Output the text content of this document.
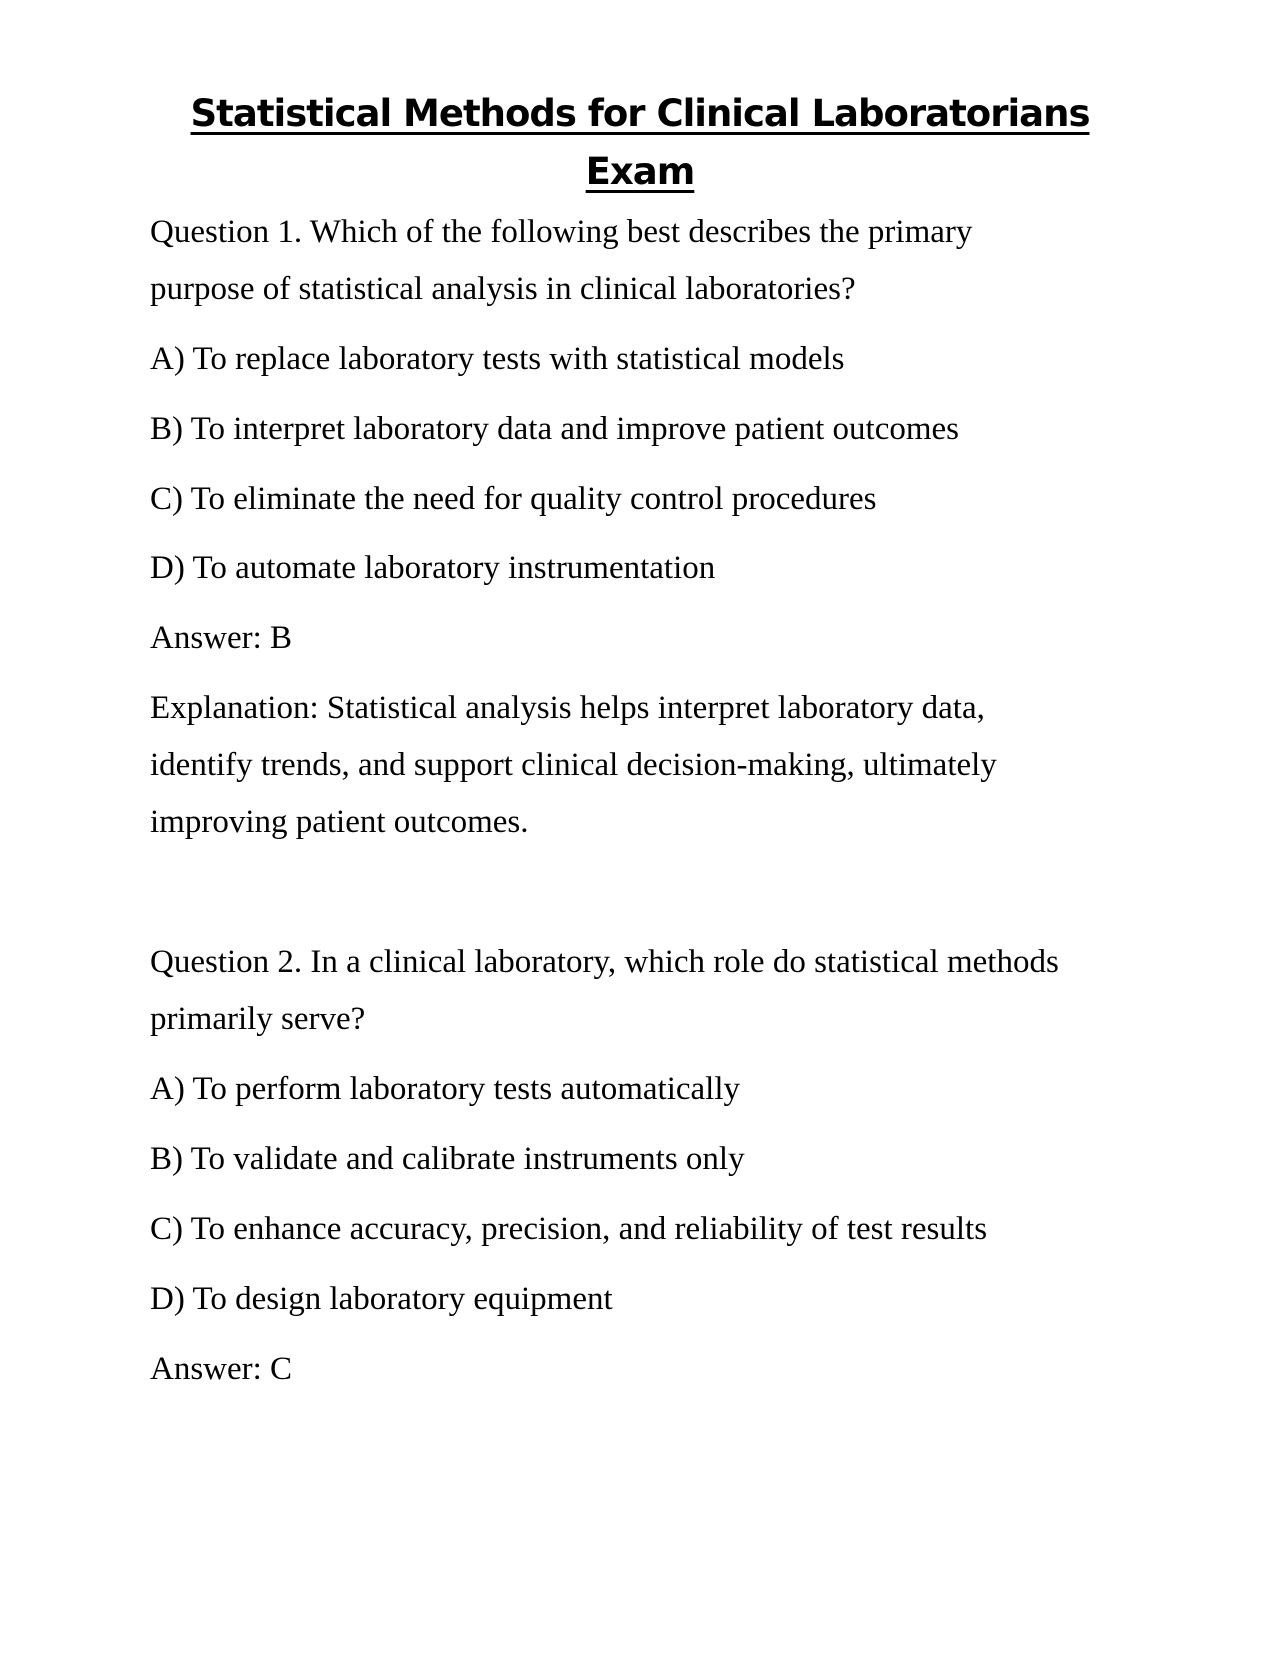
Statistical Methods for Clinical Laboratorians
Exam
Question 1. Which of the following best describes the primary
purpose of statistical analysis in clinical laboratories?
A) To replace laboratory tests with statistical models
B) To interpret laboratory data and improve patient outcomes
C) To eliminate the need for quality control procedures
D) To automate laboratory instrumentation
Answer: B
Explanation: Statistical analysis helps interpret laboratory data,
identify trends, and support clinical decision-making, ultimately
improving patient outcomes.
Question 2. In a clinical laboratory, which role do statistical methods
primarily serve?
A) To perform laboratory tests automatically
B) To validate and calibrate instruments only
C) To enhance accuracy, precision, and reliability of test results
D) To design laboratory equipment
Answer: C
